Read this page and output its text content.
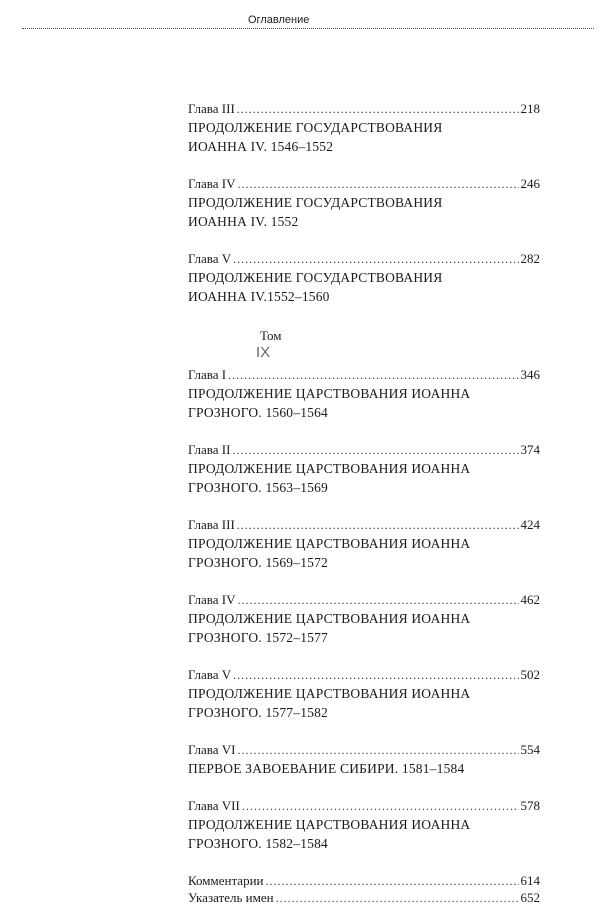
Оглавление
Глава III .....	218
ПРОДОЛЖЕНИЕ ГОСУДАРСТВОВАНИЯ
ИОАННА IV. 1546–1552
Глава IV .....	246
ПРОДОЛЖЕНИЕ ГОСУДАРСТВОВАНИЯ
ИОАННА IV. 1552
Глава V .....	282
ПРОДОЛЖЕНИЕ ГОСУДАРСТВОВАНИЯ
ИОАННА IV.1552–1560
Том
IX
Глава I .....	346
ПРОДОЛЖЕНИЕ ЦАРСТВОВАНИЯ ИОАННА
ГРОЗНОГО. 1560–1564
Глава II .....	374
ПРОДОЛЖЕНИЕ ЦАРСТВОВАНИЯ ИОАННА
ГРОЗНОГО. 1563–1569
Глава III .....	424
ПРОДОЛЖЕНИЕ ЦАРСТВОВАНИЯ ИОАННА
ГРОЗНОГО. 1569–1572
Глава IV .....	462
ПРОДОЛЖЕНИЕ ЦАРСТВОВАНИЯ ИОАННА
ГРОЗНОГО. 1572–1577
Глава V .....	502
ПРОДОЛЖЕНИЕ ЦАРСТВОВАНИЯ ИОАННА
ГРОЗНОГО. 1577–1582
Глава VI .....	554
ПЕРВОЕ ЗАВОЕВАНИЕ СИБИРИ. 1581–1584
Глава VII .....	578
ПРОДОЛЖЕНИЕ ЦАРСТВОВАНИЯ ИОАННА
ГРОЗНОГО. 1582–1584
Комментарии .....	614
Указатель имен .....	652
